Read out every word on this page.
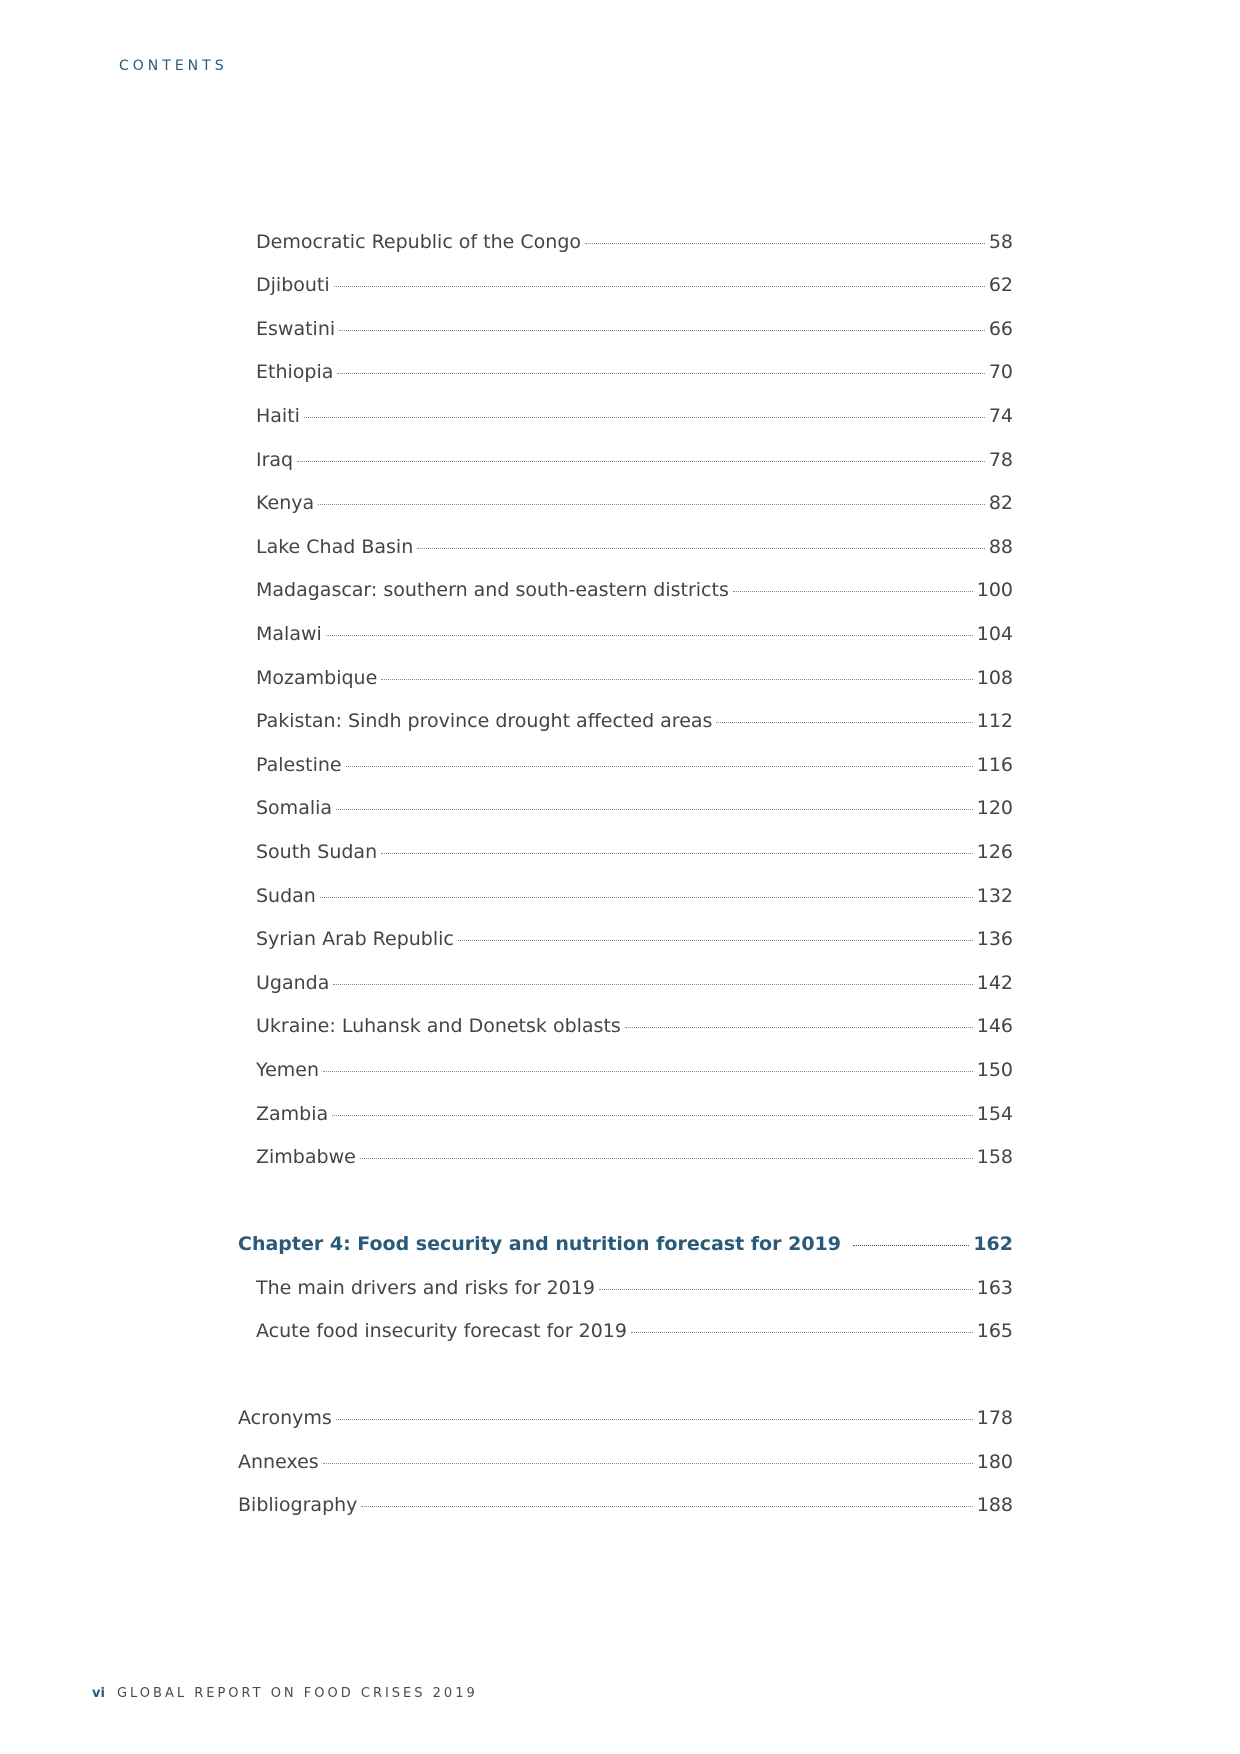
CONTENTS
Democratic Republic of the Congo	58
Djibouti	62
Eswatini	66
Ethiopia	70
Haiti	74
Iraq	78
Kenya	82
Lake Chad Basin	88
Madagascar: southern and south-eastern districts	100
Malawi	104
Mozambique	108
Pakistan: Sindh province drought affected areas	112
Palestine	116
Somalia	120
South Sudan	126
Sudan	132
Syrian Arab Republic	136
Uganda	142
Ukraine: Luhansk and Donetsk oblasts	146
Yemen	150
Zambia	154
Zimbabwe	158
Chapter 4: Food security and nutrition forecast for 2019	162
The main drivers and risks for 2019	163
Acute food insecurity forecast for 2019	165
Acronyms	178
Annexes	180
Bibliography	188
vi GLOBAL REPORT ON FOOD CRISES 2019
